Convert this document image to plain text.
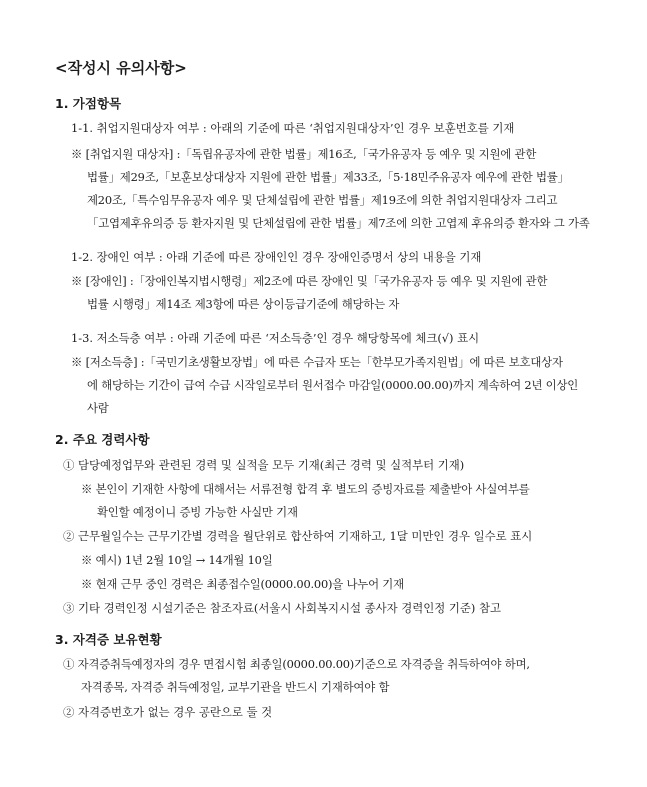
<작성시 유의사항>
1. 가점항목
1-1. 취업지원대상자 여부 : 아래의 기준에 따른 ‘취업지원대상자’인 경우 보훈번호를 기재
※ [취업지원 대상자] :「독립유공자에 관한 법률」제16조,「국가유공자 등 예우 및 지원에 관한
법률」제29조,「보훈보상대상자 지원에 관한 법률」제33조,「5·18민주유공자 예우에 관한 법률」
제20조,「특수임무유공자 예우 및 단체설립에 관한 법률」제19조에 의한 취업지원대상자 그리고
「고엽제후유의증 등 환자지원 및 단체설립에 관한 법률」제7조에 의한 고엽제 후유의증 환자와 그 가족
1-2. 장애인 여부 : 아래 기준에 따른 장애인인 경우 장애인증명서 상의 내용을 기재
※ [장애인] :「장애인복지법시행령」제2조에 따른 장애인 및「국가유공자 등 예우 및 지원에 관한
법률 시행령」제14조 제3항에 따른 상이등급기준에 해당하는 자
1-3. 저소득층 여부 : 아래 기준에 따른 ‘저소득층’인 경우 해당항목에 체크(√) 표시
※ [저소득층] :「국민기초생활보장법」에 따른 수급자 또는「한부모가족지원법」에 따른 보호대상자
에 해당하는 기간이 급여 수급 시작일로부터 원서접수 마감일(0000.00.00)까지 계속하여 2년 이상인
사람
2. 주요 경력사항
① 담당예정업무와 관련된 경력 및 실적을 모두 기재(최근 경력 및 실적부터 기재)
※ 본인이 기재한 사항에 대해서는 서류전형 합격 후 별도의 증빙자료를 제출받아 사실여부를
확인할 예정이니 증빙 가능한 사실만 기재
② 근무월일수는 근무기간별 경력을 월단위로 합산하여 기재하고, 1달 미만인 경우 일수로 표시
※ 예시) 1년 2월 10일 → 14개월 10일
※ 현재 근무 중인 경력은 최종접수일(0000.00.00)을 나누어 기재
③ 기타 경력인정 시설기준은 참조자료(서울시 사회복지시설 종사자 경력인정 기준) 참고
3. 자격증 보유현황
① 자격증취득예정자의 경우 면접시험 최종일(0000.00.00)기준으로 자격증을 취득하여야 하며,
자격종목, 자격증 취득예정일, 교부기관을 반드시 기재하여야 함
② 자격증번호가 없는 경우 공란으로 둘 것
